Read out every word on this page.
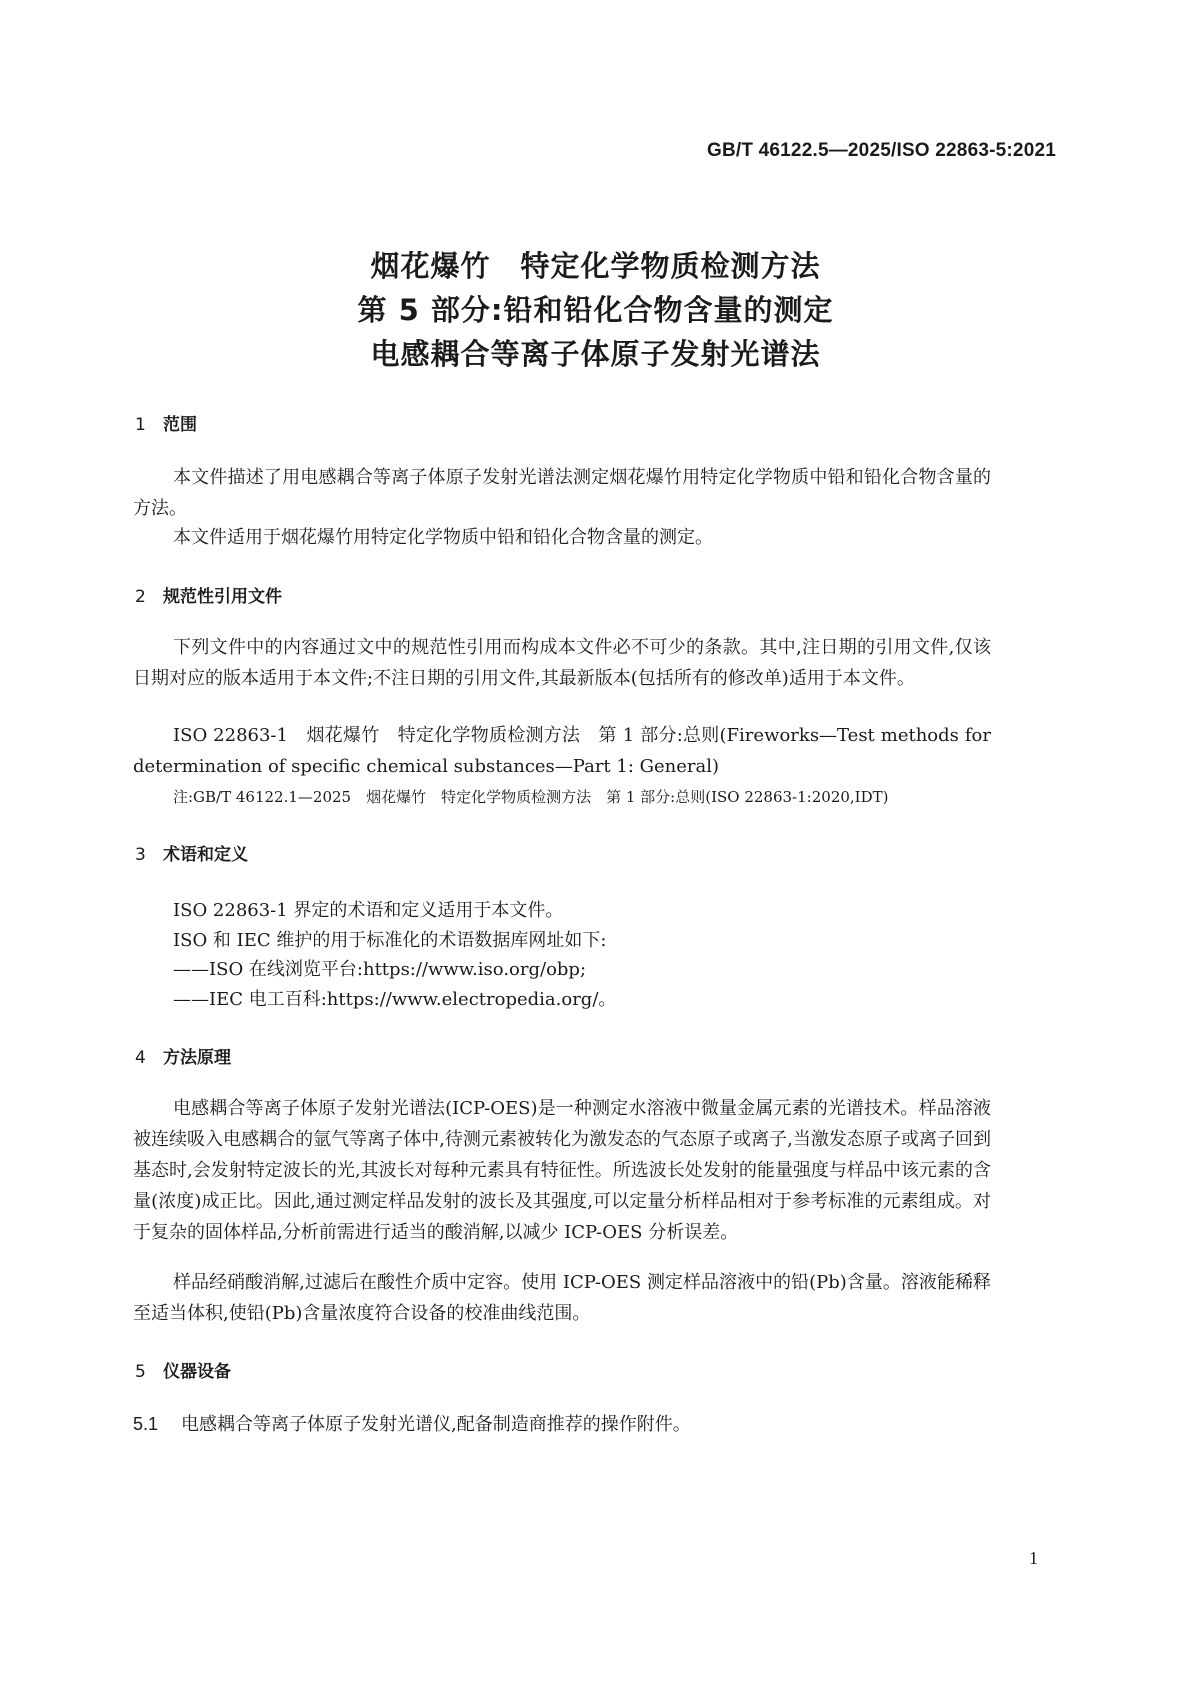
GB/T 46122.5—2025/ISO 22863-5:2021
烟花爆竹　特定化学物质检测方法
第 5 部分:铅和铅化合物含量的测定
电感耦合等离子体原子发射光谱法
1 范围
本文件描述了用电感耦合等离子体原子发射光谱法测定烟花爆竹用特定化学物质中铅和铅化合物含量的方法。
本文件适用于烟花爆竹用特定化学物质中铅和铅化合物含量的测定。
2 规范性引用文件
下列文件中的内容通过文中的规范性引用而构成本文件必不可少的条款。其中,注日期的引用文件,仅该日期对应的版本适用于本文件;不注日期的引用文件,其最新版本(包括所有的修改单)适用于本文件。
ISO 22863-1　烟花爆竹　特定化学物质检测方法　第 1 部分:总则(Fireworks—Test methods for determination of specific chemical substances—Part 1: General)
注:GB/T 46122.1—2025　烟花爆竹　特定化学物质检测方法　第 1 部分:总则(ISO 22863-1:2020,IDT)
3 术语和定义
ISO 22863-1 界定的术语和定义适用于本文件。
ISO 和 IEC 维护的用于标准化的术语数据库网址如下:
——ISO 在线浏览平台:https://www.iso.org/obp;
——IEC 电工百科:https://www.electropedia.org/。
4 方法原理
电感耦合等离子体原子发射光谱法(ICP-OES)是一种测定水溶液中微量金属元素的光谱技术。样品溶液被连续吸入电感耦合的氩气等离子体中,待测元素被转化为激发态的气态原子或离子,当激发态原子或离子回到基态时,会发射特定波长的光,其波长对每种元素具有特征性。所选波长处发射的能量强度与样品中该元素的含量(浓度)成正比。因此,通过测定样品发射的波长及其强度,可以定量分析样品相对于参考标准的元素组成。对于复杂的固体样品,分析前需进行适当的酸消解,以减少 ICP-OES 分析误差。
样品经硝酸消解,过滤后在酸性介质中定容。使用 ICP-OES 测定样品溶液中的铅(Pb)含量。溶液能稀释至适当体积,使铅(Pb)含量浓度符合设备的校准曲线范围。
5 仪器设备
5.1 电感耦合等离子体原子发射光谱仪,配备制造商推荐的操作附件。
1
